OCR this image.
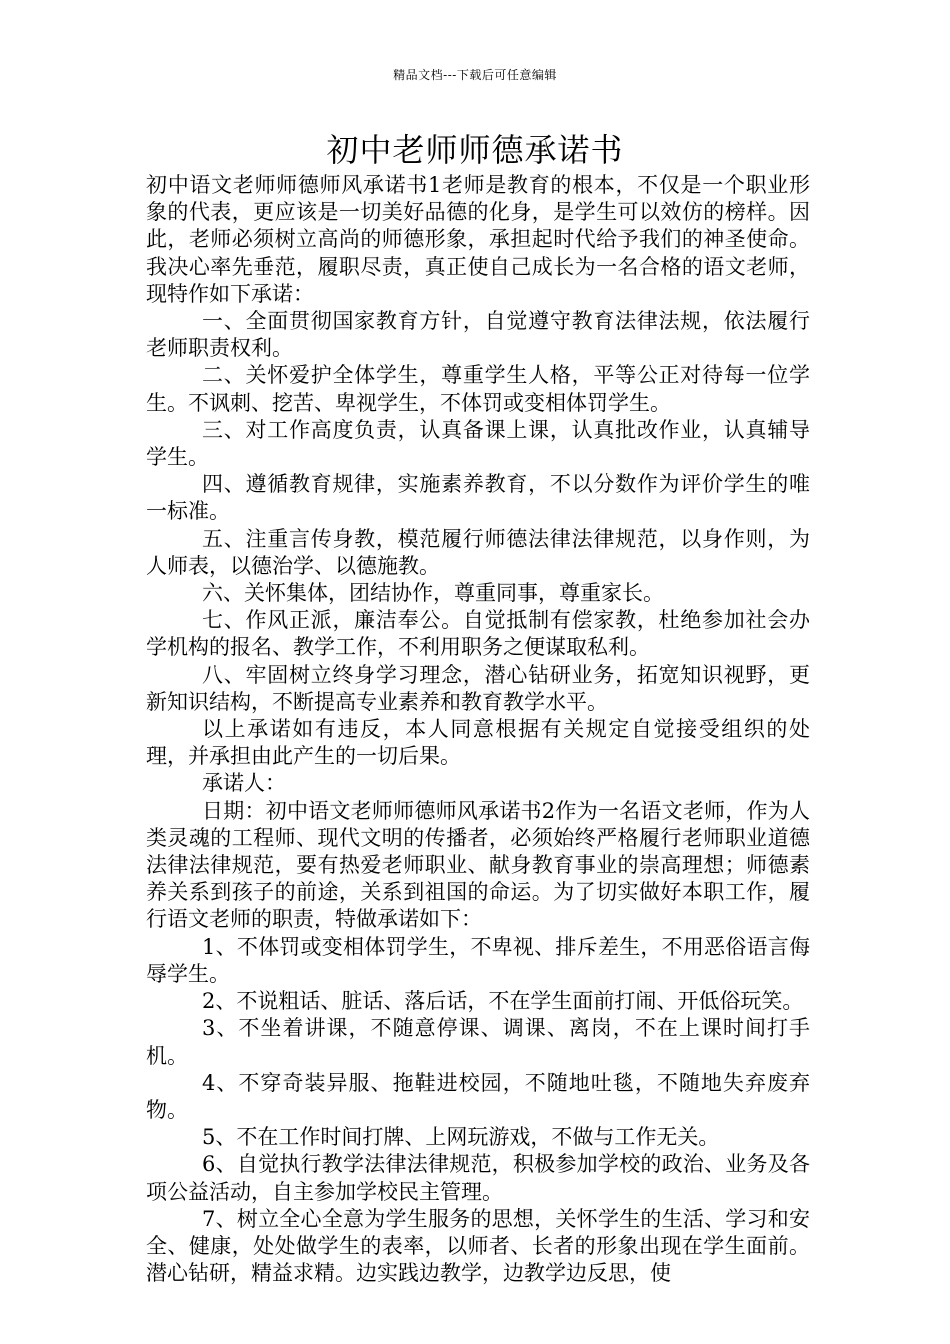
精品文档---下载后可任意编辑
初中老师师德承诺书

初中语文老师师德师风承诺书1老师是教育的根本，不仅是一个职业形象的代表，更应该是一切美好品德的化身，是学生可以效仿的榜样。因此，老师必须树立高尚的师德形象，承担起时代给予我们的神圣使命。我决心率先垂范，履职尽责，真正使自己成长为一名合格的语文老师，现特作如下承诺：

一、全面贯彻国家教育方针，自觉遵守教育法律法规，依法履行老师职责权利。

二、关怀爱护全体学生，尊重学生人格，平等公正对待每一位学生。不讽刺、挖苦、卑视学生，不体罚或变相体罚学生。

三、对工作高度负责，认真备课上课，认真批改作业，认真辅导学生。

四、遵循教育规律，实施素养教育，不以分数作为评价学生的唯一标准。

五、注重言传身教，模范履行师德法律法律规范，以身作则，为人师表，以德治学、以德施教。

六、关怀集体，团结协作，尊重同事，尊重家长。

七、作风正派，廉洁奉公。自觉抵制有偿家教，杜绝参加社会办学机构的报名、教学工作，不利用职务之便谋取私利。

八、牢固树立终身学习理念，潜心钻研业务，拓宽知识视野，更新知识结构，不断提高专业素养和教育教学水平。

以上承诺如有违反，本人同意根据有关规定自觉接受组织的处理，并承担由此产生的一切后果。

承诺人：

日期：初中语文老师师德师风承诺书2作为一名语文老师，作为人类灵魂的工程师、现代文明的传播者，必须始终严格履行老师职业道德法律法律规范，要有热爱老师职业、献身教育事业的崇高理想；师德素养关系到孩子的前途，关系到祖国的命运。为了切实做好本职工作，履行语文老师的职责，特做承诺如下：

1、不体罚或变相体罚学生，不卑视、排斥差生，不用恶俗语言侮辱学生。

2、不说粗话、脏话、落后话，不在学生面前打闹、开低俗玩笑。

3、不坐着讲课，不随意停课、调课、离岗，不在上课时间打手机。

4、不穿奇装异服、拖鞋进校园，不随地吐毯，不随地失弃废弃物。

5、不在工作时间打牌、上网玩游戏，不做与工作无关。

6、自觉执行教学法律法律规范，积极参加学校的政治、业务及各项公益活动，自主参加学校民主管理。

7、树立全心全意为学生服务的思想，关怀学生的生活、学习和安全、健康，处处做学生的表率，以师者、长者的形象出现在学生面前。潜心钻研，精益求精。边实践边教学，边教学边反思，使
